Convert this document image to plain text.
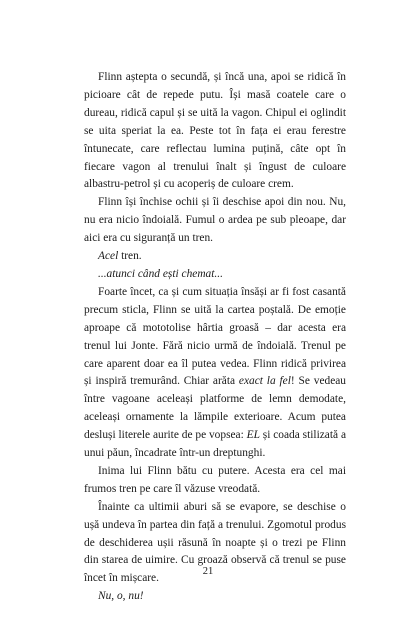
Flinn aștepta o secundă, și încă una, apoi se ridică în picioare cât de repede putu. Își masă coatele care o dureau, ridică capul și se uită la vagon. Chipul ei oglindit se uita speriat la ea. Peste tot în fața ei erau ferestre întunecate, care reflectau lumina puțină, câte opt în fiecare vagon al trenului înalt și îngust de culoare albastru-petrol și cu acoperiș de culoare crem.

Flinn își închise ochii și îi deschise apoi din nou. Nu, nu era nicio îndoială. Fumul o ardea pe sub pleoape, dar aici era cu siguranță un tren.

Acel tren.

...atunci când ești chemat...

Foarte încet, ca și cum situația însăși ar fi fost casantă precum sticla, Flinn se uită la cartea poștală. De emoție aproape că mototolise hârtia groasă – dar acesta era trenul lui Jonte. Fără nicio urmă de îndoială. Trenul pe care aparent doar ea îl putea vedea. Flinn ridică privirea și inspiră tremurând. Chiar arăta exact la fel! Se vedeau între vagoane aceleași platforme de lemn demodate, aceleași ornamente la lămpile exterioare. Acum putea desluși literele aurite de pe vopsea: EL și coada stilizată a unui păun, încadrate într-un dreptunghi.

Inima lui Flinn bătu cu putere. Acesta era cel mai frumos tren pe care îl văzuse vreodată.

Înainte ca ultimii aburi să se evapore, se deschise o ușă undeva în partea din față a trenului. Zgomotul produs de deschiderea ușii răsună în noapte și o trezi pe Flinn din starea de uimire. Cu groază observă că trenul se puse încet în mișcare.

Nu, o, nu!

21
